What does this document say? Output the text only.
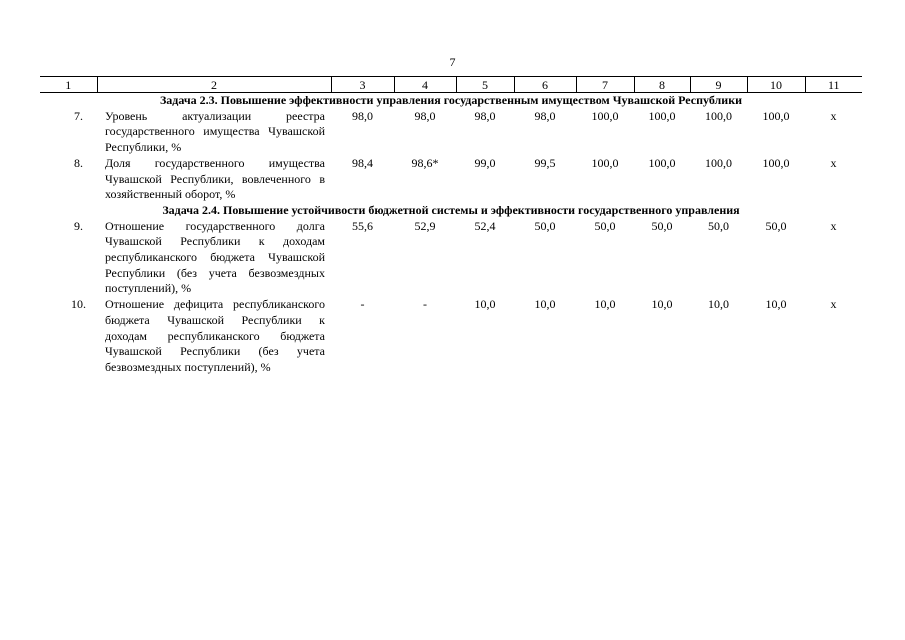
7
1	2	3	4	5	6	7	8	9	10	11
Задача 2.3. Повышение эффективности управления государственным имуществом Чувашской Республики										
7.	Уровень актуализации реестра государственного имущества Чувашской Республики, %	98,0	98,0	98,0	98,0	100,0	100,0	100,0	100,0	х
8.	Доля государственного имущества Чувашской Республики, вовлеченного в хозяйственный оборот, %	98,4	98,6*	99,0	99,5	100,0	100,0	100,0	100,0	х
Задача 2.4. Повышение устойчивости бюджетной системы и эффективности государственного управления										
9.	Отношение государственного долга Чувашской Республики к доходам республиканского бюджета Чувашской Республики (без учета безвозмездных поступлений), %	55,6	52,9	52,4	50,0	50,0	50,0	50,0	50,0	х
10.	Отношение дефицита республиканского бюджета Чувашской Республики к доходам республиканского бюджета Чувашской Республики (без учета безвозмездных поступлений), %	-	-	10,0	10,0	10,0	10,0	10,0	10,0	х
